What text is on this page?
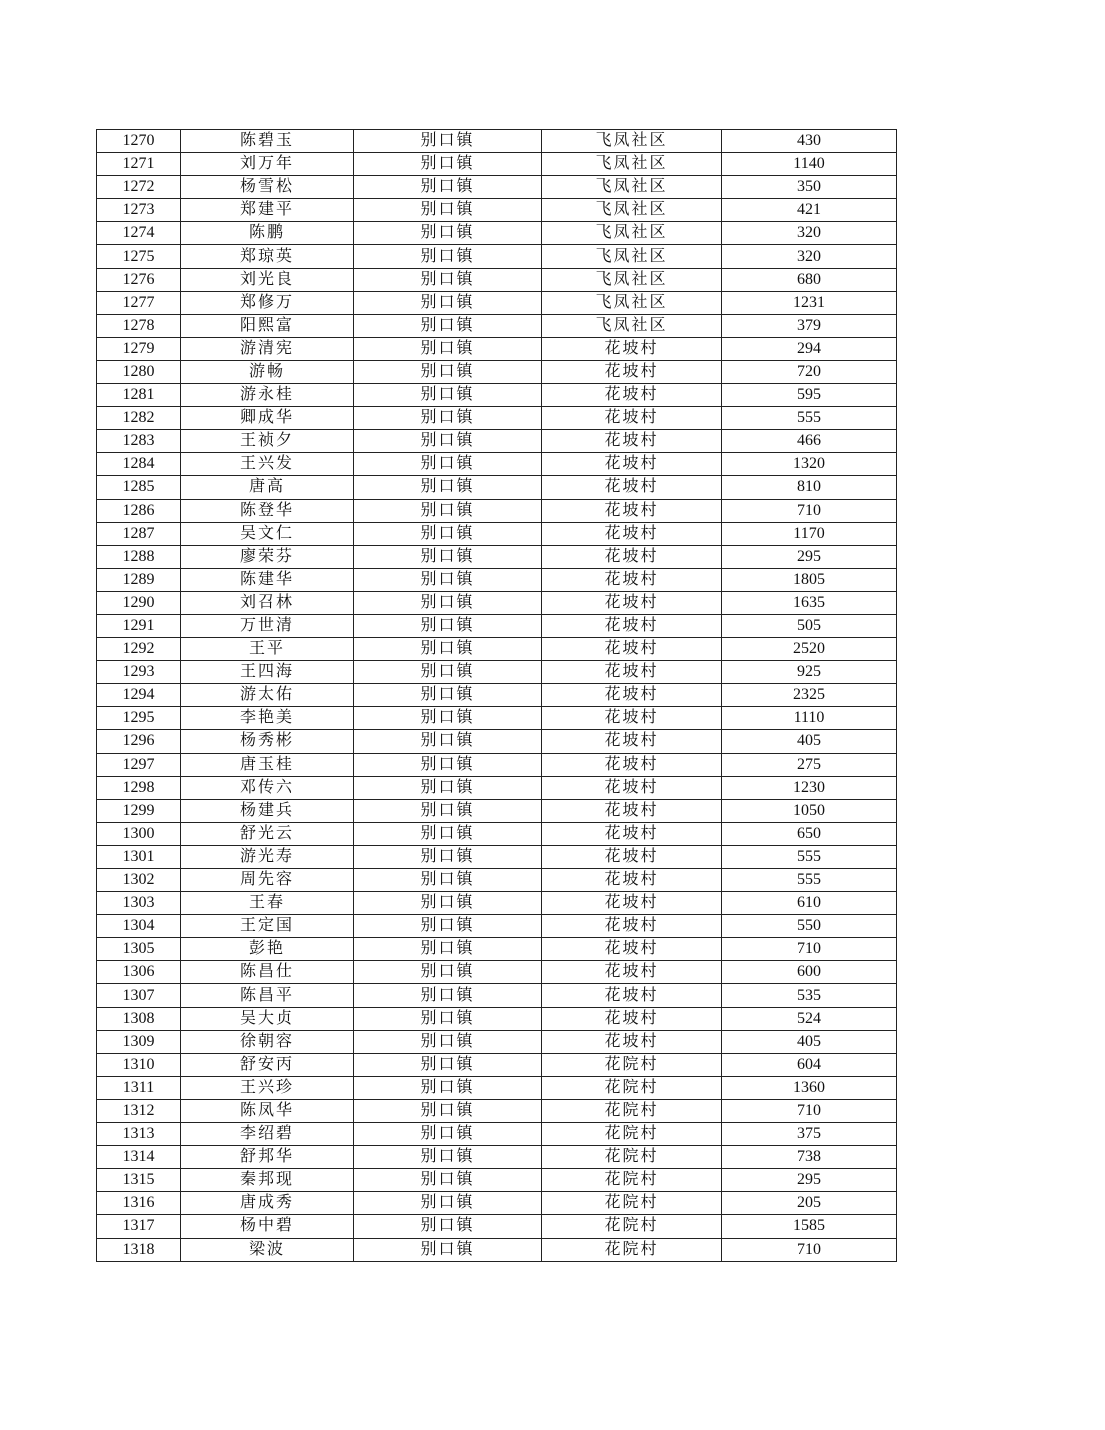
1270	陈碧玉	别口镇	飞凤社区	430
1271	刘万年	别口镇	飞凤社区	1140
1272	杨雪松	别口镇	飞凤社区	350
1273	郑建平	别口镇	飞凤社区	421
1274	陈鹏	别口镇	飞凤社区	320
1275	郑琼英	别口镇	飞凤社区	320
1276	刘光良	别口镇	飞凤社区	680
1277	郑修万	别口镇	飞凤社区	1231
1278	阳熙富	别口镇	飞凤社区	379
1279	游清宪	别口镇	花坡村	294
1280	游畅	别口镇	花坡村	720
1281	游永桂	别口镇	花坡村	595
1282	卿成华	别口镇	花坡村	555
1283	王祯夕	别口镇	花坡村	466
1284	王兴发	别口镇	花坡村	1320
1285	唐高	别口镇	花坡村	810
1286	陈登华	别口镇	花坡村	710
1287	吴文仁	别口镇	花坡村	1170
1288	廖荣芬	别口镇	花坡村	295
1289	陈建华	别口镇	花坡村	1805
1290	刘召林	别口镇	花坡村	1635
1291	万世清	别口镇	花坡村	505
1292	王平	别口镇	花坡村	2520
1293	王四海	别口镇	花坡村	925
1294	游太佑	别口镇	花坡村	2325
1295	李艳美	别口镇	花坡村	1110
1296	杨秀彬	别口镇	花坡村	405
1297	唐玉桂	别口镇	花坡村	275
1298	邓传六	别口镇	花坡村	1230
1299	杨建兵	别口镇	花坡村	1050
1300	舒光云	别口镇	花坡村	650
1301	游光寿	别口镇	花坡村	555
1302	周先容	别口镇	花坡村	555
1303	王春	别口镇	花坡村	610
1304	王定国	别口镇	花坡村	550
1305	彭艳	别口镇	花坡村	710
1306	陈昌仕	别口镇	花坡村	600
1307	陈昌平	别口镇	花坡村	535
1308	吴大贞	别口镇	花坡村	524
1309	徐朝容	别口镇	花坡村	405
1310	舒安丙	别口镇	花院村	604
1311	王兴珍	别口镇	花院村	1360
1312	陈凤华	别口镇	花院村	710
1313	李绍碧	别口镇	花院村	375
1314	舒邦华	别口镇	花院村	738
1315	秦邦现	别口镇	花院村	295
1316	唐成秀	别口镇	花院村	205
1317	杨中碧	别口镇	花院村	1585
1318	梁波	别口镇	花院村	710
